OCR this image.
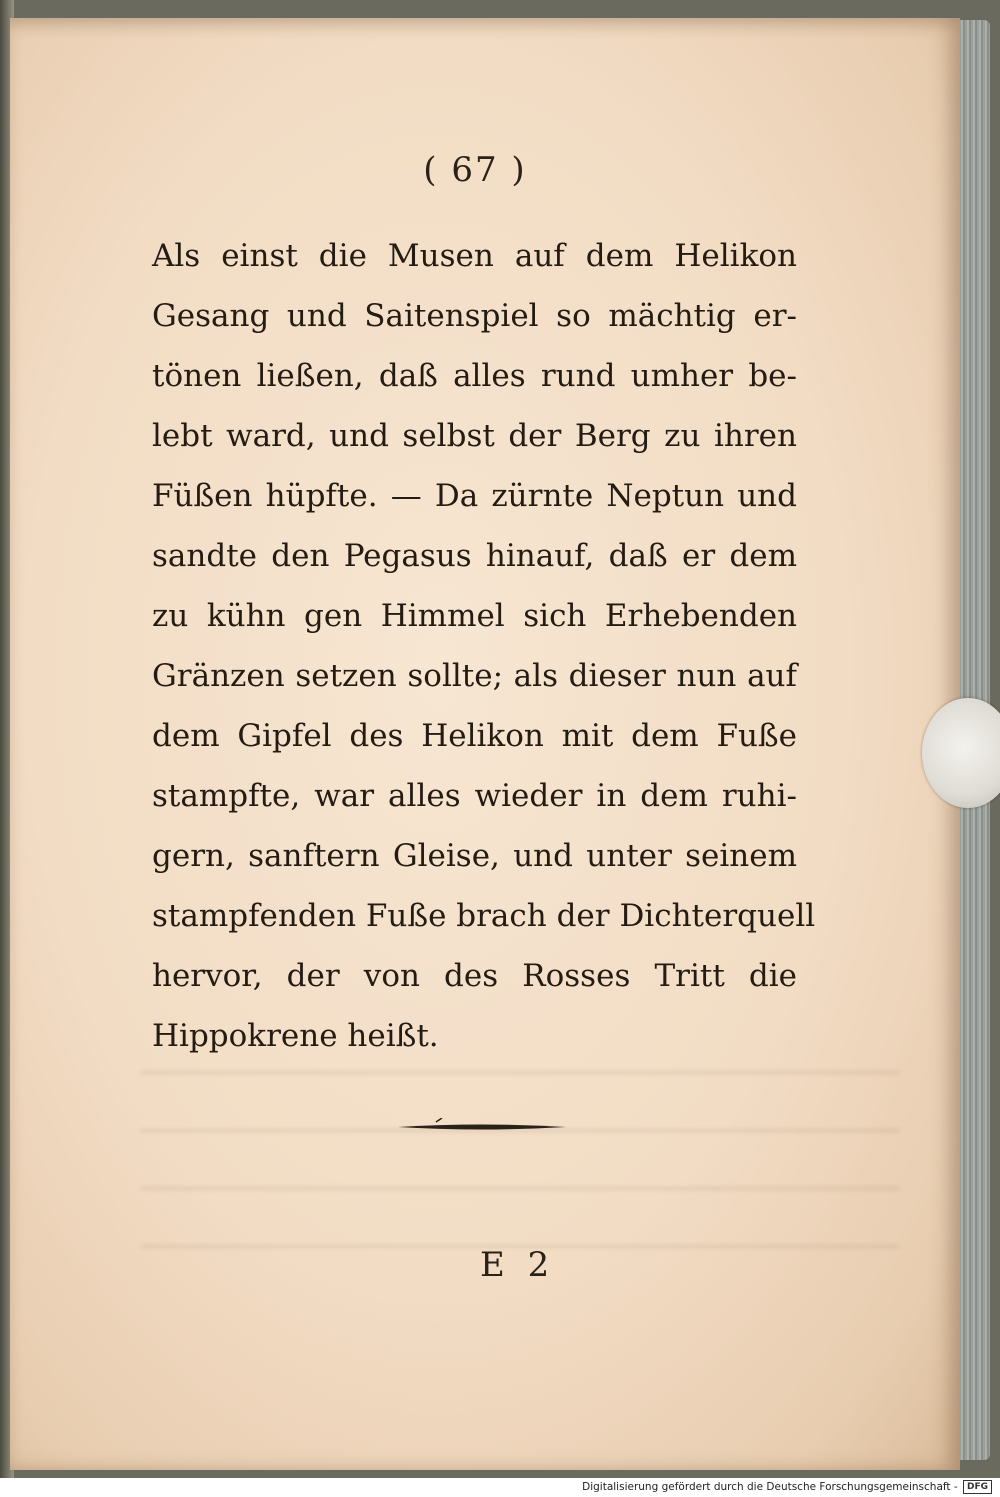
( 67 )
Als einst die Musen auf dem Helikon
Gesang und Saitenspiel so mächtig er-
tönen ließen, daß alles rund umher be-
lebt ward, und selbst der Berg zu ihren
Füßen hüpfte. — Da zürnte Neptun und
sandte den Pegasus hinauf, daß er dem
zu kühn gen Himmel sich Erhebenden
Gränzen setzen sollte; als dieser nun auf
dem Gipfel des Helikon mit dem Fuße
stampfte, war alles wieder in dem ruhi-
gern, sanftern Gleise, und unter seinem
stampfenden Fuße brach der Dichterquell
hervor, der von des Rosses Tritt die
Hippokrene heißt.
E 2
Digitalisierung gefördert durch die Deutsche Forschungsgemeinschaft - DFG
